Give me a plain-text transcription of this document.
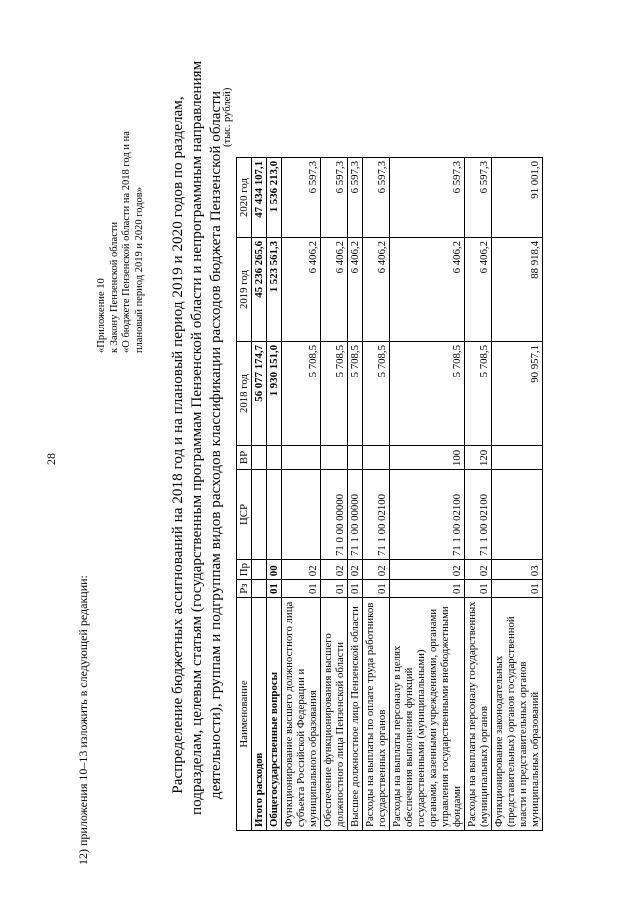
28
12) приложения 10–13 изложить в следующей редакции:
«Приложение 10 к Закону Пензенской области «О бюджете Пензенской области на 2018 год и на плановый период 2019 и 2020 годов» Распределение бюджетных ассигнований на 2018 год и на плановый период 2019 и 2020 годов по разделам, подразделам, целевым статьям (государственным программам Пензенской области и непрограммным направлениям деятельности), группам и подгруппам видов расходов классификации расходов бюджета Пензенской области
(тыс. рублей)
Наименование	Рз	Пр	ЦСР	ВР	2018 год	2019 год	2020 год
Итого расходов					56 077 174,7	45 236 265,6	47 434 107,1
Общегосударственные вопросы	01	00			1 930 151,0	1 523 561,3	1 536 213,0
Функционирование высшего должностного лица субъекта Российской Федерации и муниципального образования	01	02			5 708,5	6 406,2	6 597,3
Обеспечение функционирования высшего должностного лица Пензенской области	01	02	71 0 00 00000		5 708,5	6 406,2	6 597,3
Высшее должностное лицо Пензенской области	01	02	71 1 00 00000		5 708,5	6 406,2	6 597,3
Расходы на выплаты по оплате труда работников государственных органов	01	02	71 1 00 02100		5 708,5	6 406,2	6 597,3
Расходы на выплаты персоналу в целях обеспечения выполнения функций государственными (муниципальными) органами, казенными учреждениями, органами управления государственными внебюджетными фондами	01	02	71 1 00 02100	100	5 708,5	6 406,2	6 597,3
Расходы на выплаты персоналу государственных (муниципальных) органов	01	02	71 1 00 02100	120	5 708,5	6 406,2	6 597,3
Функционирование законодательных (представительных) органов государственной власти и представительных органов муниципальных образований	01	03			90 957,1	88 918,4	91 001,0
